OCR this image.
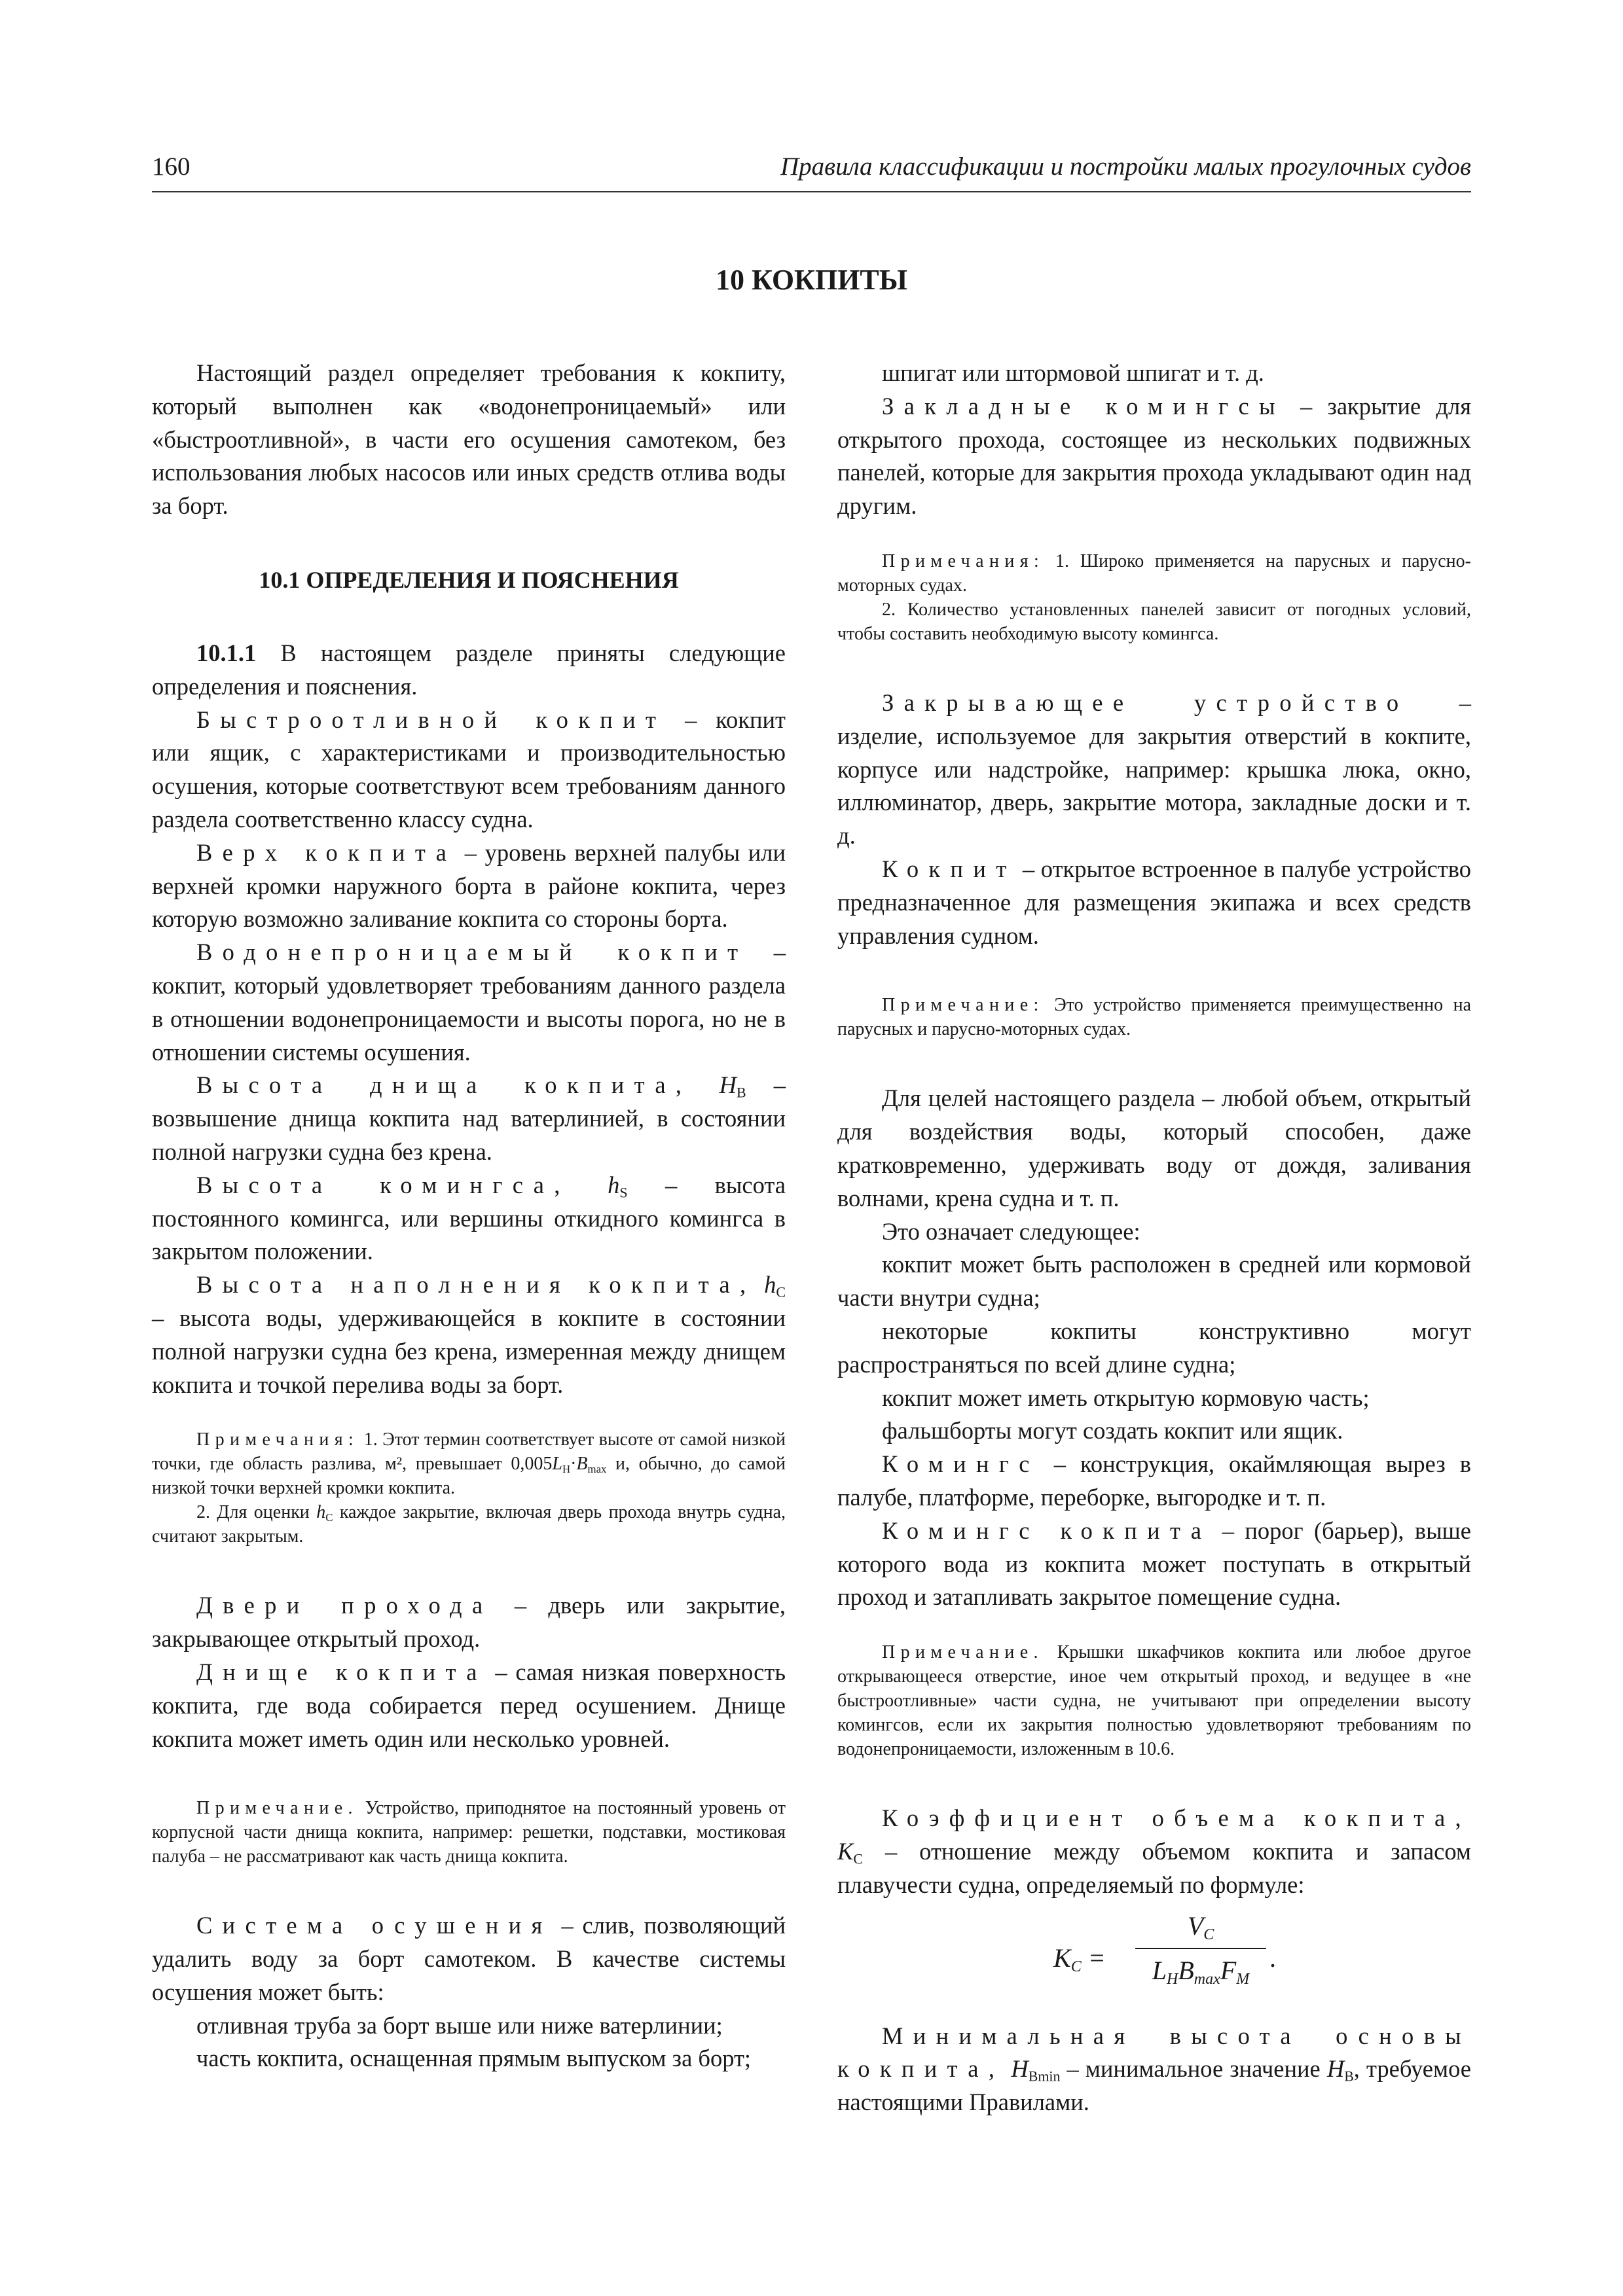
160	Правила классификации и постройки малых прогулочных судов
10 КОКПИТЫ

Настоящий раздел определяет требования к кокпиту, который выполнен как «водонепроницаемый» или «быстроотливной», в части его осушения самотеком, без использования любых насосов или иных средств отлива воды за борт.

10.1 ОПРЕДЕЛЕНИЯ И ПОЯСНЕНИЯ

10.1.1 В настоящем разделе приняты следующие определения и пояснения.

Быстроотливной кокпит – кокпит или ящик, с характеристиками и производительностью осушения, которые соответствуют всем требованиям данного раздела соответственно классу судна.

Верх кокпита – уровень верхней палубы или верхней кромки наружного борта в районе кокпита, через которую возможно заливание кокпита со стороны борта.

Водонепроницаемый кокпит – кокпит, который удовлетворяет требованиям данного раздела в отношении водонепроницаемости и высоты порога, но не в отношении системы осушения.

Высота днища кокпита, $H_B$ – возвышение днища кокпита над ватерлинией, в состоянии полной нагрузки судна без крена.

Высота комингса, $h_S$ – высота постоянного комингса, или вершины откидного комингса в закрытом положении.

Высота наполнения кокпита, $h_C$ – высота воды, удерживающейся в кокпите в состоянии полной нагрузки судна без крена, измеренная между днищем кокпита и точкой перелива воды за борт.

Примечания: 1. Этот термин соответствует высоте от самой низкой точки, где область разлива, м², превышает $0,005L_H\cdot B_{max}$ и, обычно, до самой низкой точки верхней кромки кокпита.

2. Для оценки $h_C$ каждое закрытие, включая дверь прохода внутрь судна, считают закрытым.

Двери прохода – дверь или закрытие, закрывающее открытый проход.

Днище кокпита – самая низкая поверхность кокпита, где вода собирается перед осушением. Днище кокпита может иметь один или несколько уровней.

Примечание. Устройство, приподнятое на постоянный уровень от корпусной части днища кокпита, например: решетки, подставки, мостиковая палуба – не рассматривают как часть днища кокпита.

Система осушения – слив, позволяющий удалить воду за борт самотеком. В качестве системы осушения может быть:

отливная труба за борт выше или ниже ватерлинии;

часть кокпита, оснащенная прямым выпуском за борт;

шпигат или штормовой шпигат и т. д.

Закладные комингсы – закрытие для открытого прохода, состоящее из нескольких подвижных панелей, которые для закрытия прохода укладывают один над другим.

Примечания: 1. Широко применяется на парусных и парусно-моторных судах.

2. Количество установленных панелей зависит от погодных условий, чтобы составить необходимую высоту комингса.

Закрывающее устройство – изделие, используемое для закрытия отверстий в кокпите, корпусе или надстройке, например: крышка люка, окно, иллюминатор, дверь, закрытие мотора, закладные доски и т. д.

Кокпит – открытое встроенное в палубе устройство предназначенное для размещения экипажа и всех средств управления судном.

Примечание: Это устройство применяется преимущественно на парусных и парусно-моторных судах.

Для целей настоящего раздела – любой объем, открытый для воздействия воды, который способен, даже кратковременно, удерживать воду от дождя, заливания волнами, крена судна и т. п.

Это означает следующее:

кокпит может быть расположен в средней или кормовой части внутри судна;

некоторые кокпиты конструктивно могут распространяться по всей длине судна;

кокпит может иметь открытую кормовую часть;

фальшборты могут создать кокпит или ящик.

Комингс – конструкция, окаймляющая вырез в палубе, платформе, переборке, выгородке и т. п.

Комингс кокпита – порог (барьер), выше которого вода из кокпита может поступать в открытый проход и затапливать закрытое помещение судна.

Примечание. Крышки шкафчиков кокпита или любое другое открывающееся отверстие, иное чем открытый проход, и ведущее в «не быстроотливные» части судна, не учитывают при определении высоту комингсов, если их закрытия полностью удовлетворяют требованиям по водонепроницаемости, изложенным в 10.6.

Коэффициент объема кокпита, $K_C$ – отношение между объемом кокпита и запасом плавучести судна, определяемый по формуле:

$K_C$ =
$V_C$
$L_HB_{max}F_M$
.

Минимальная высота основы кокпита, $H_{Bmin}$ – минимальное значение $H_B$, требуемое настоящими Правилами.
